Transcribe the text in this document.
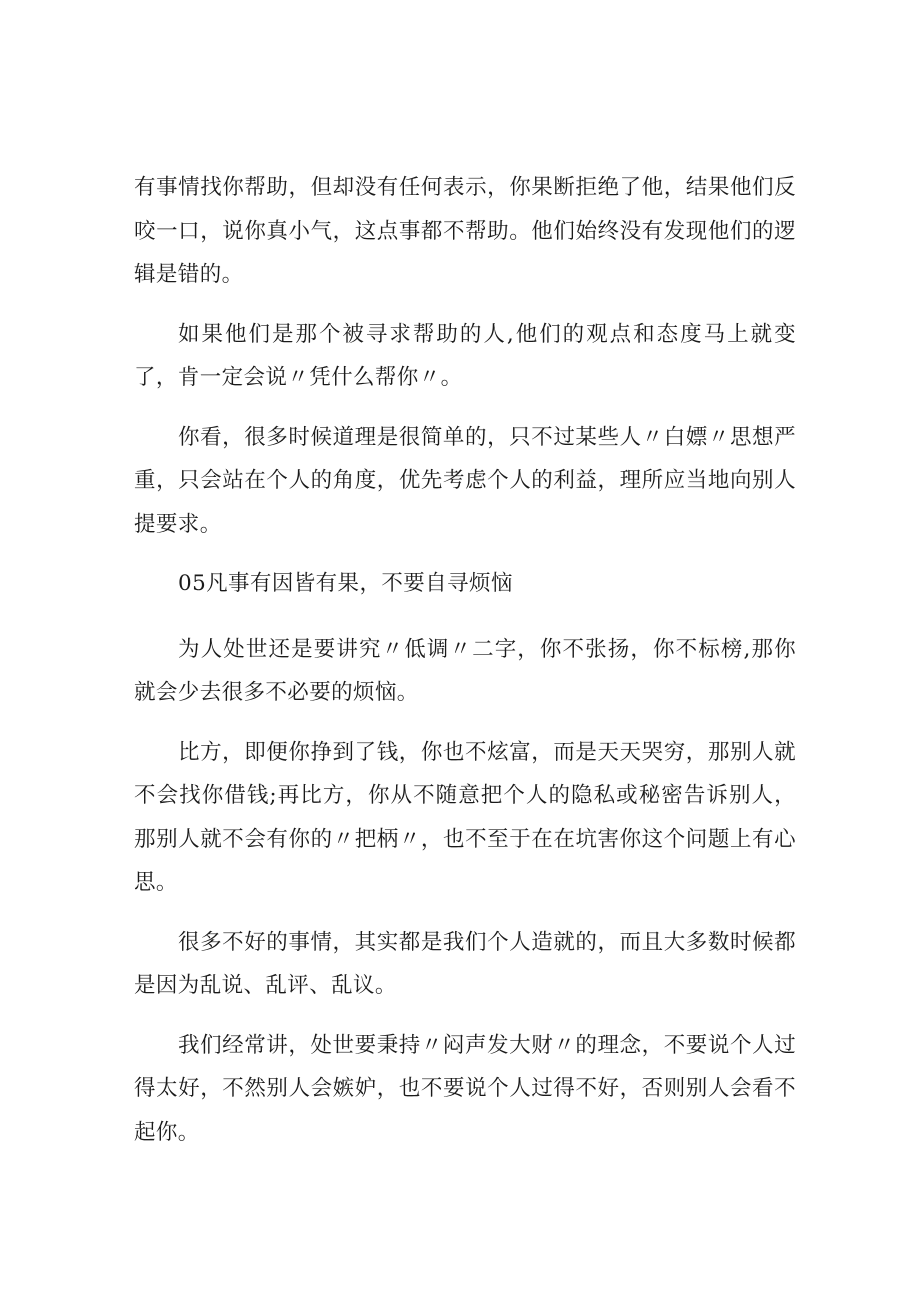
有事情找你帮助，但却没有任何表示，你果断拒绝了他，结果他们反咬一口，说你真小气，这点事都不帮助。他们始终没有发现他们的逻辑是错的。

如果他们是那个被寻求帮助的人,他们的观点和态度马上就变了，肯一定会说〃凭什么帮你〃。

你看，很多时候道理是很简单的，只不过某些人〃白嫖〃思想严重，只会站在个人的角度，优先考虑个人的利益，理所应当地向别人提要求。

05凡事有因皆有果，不要自寻烦恼

为人处世还是要讲究〃低调〃二字，你不张扬，你不标榜,那你就会少去很多不必要的烦恼。

比方，即便你挣到了钱，你也不炫富，而是天天哭穷，那别人就不会找你借钱;再比方，你从不随意把个人的隐私或秘密告诉别人，那别人就不会有你的〃把柄〃，也不至于在在坑害你这个问题上有心思。

很多不好的事情，其实都是我们个人造就的，而且大多数时候都是因为乱说、乱评、乱议。

我们经常讲，处世要秉持〃闷声发大财〃的理念，不要说个人过得太好，不然别人会嫉妒，也不要说个人过得不好，否则别人会看不起你。
